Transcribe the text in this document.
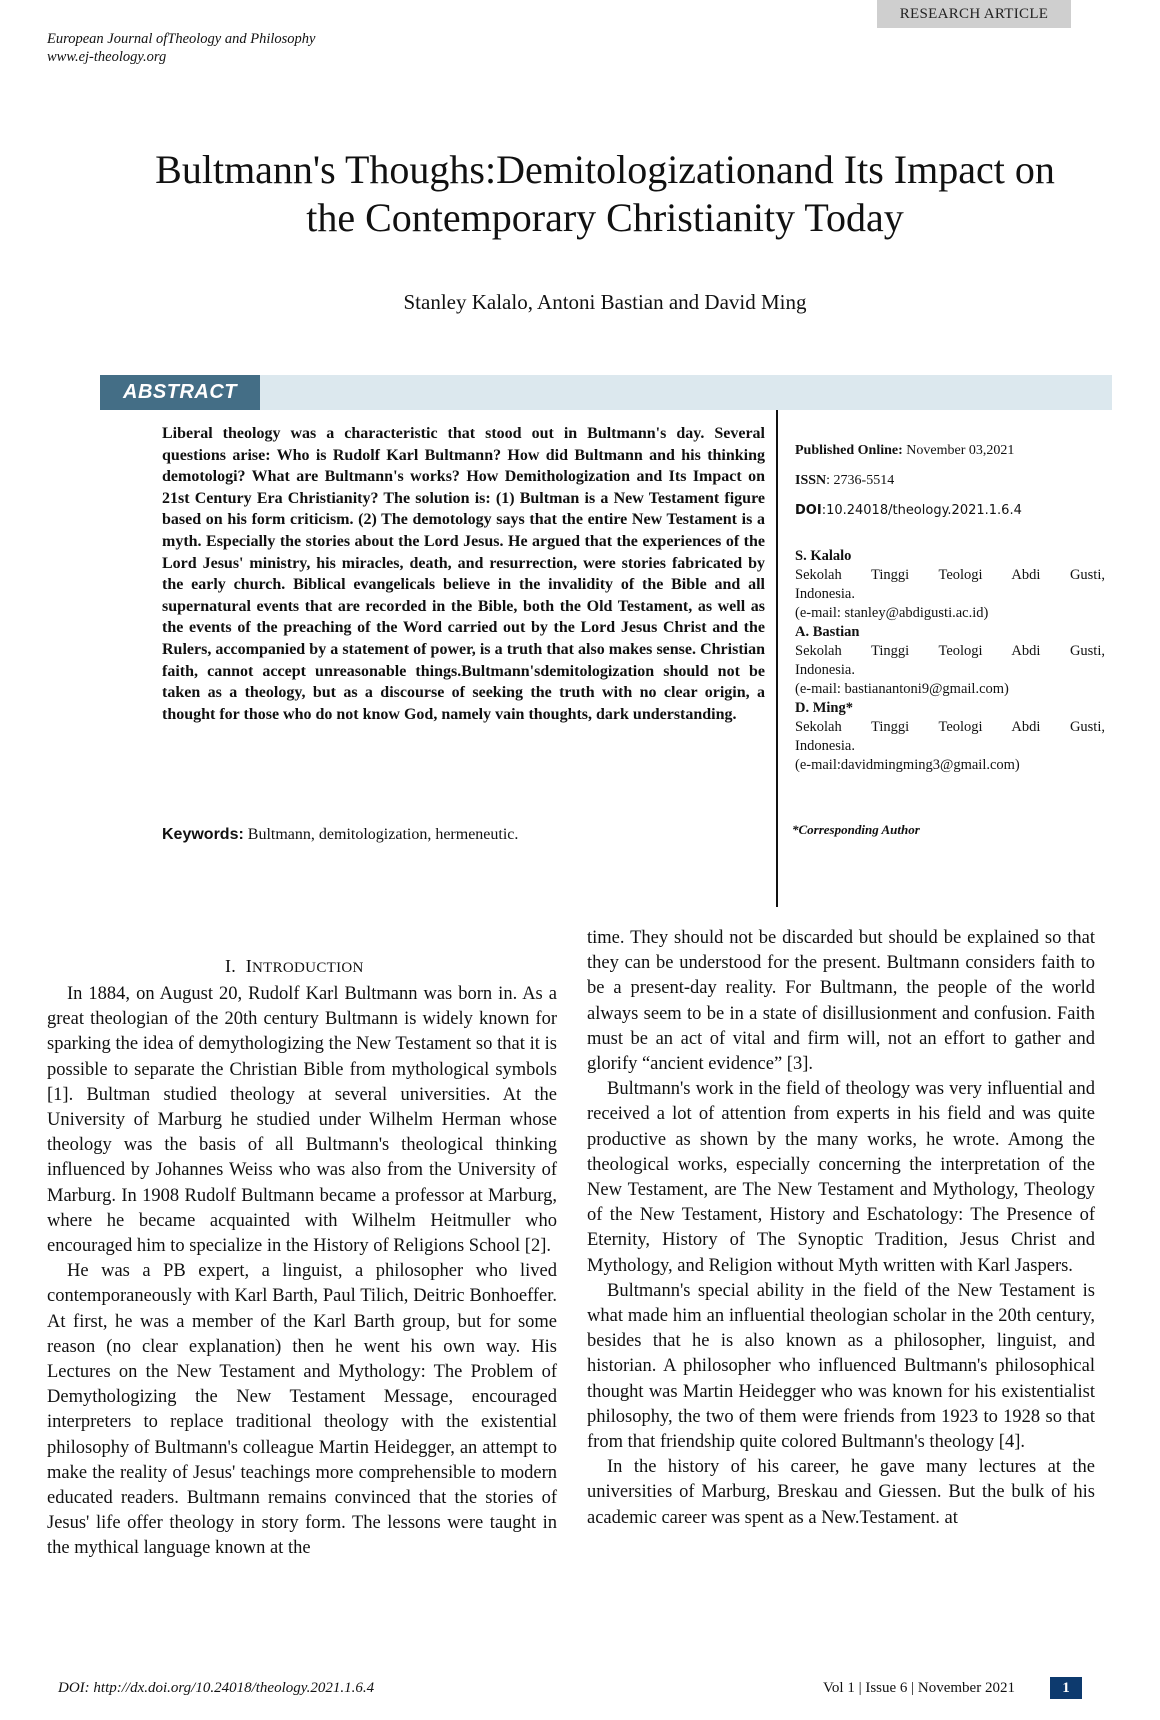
RESEARCH ARTICLE
European Journal ofTheology and Philosophy
www.ej-theology.org
Bultmann's Thoughs:Demitologizationand Its Impact on
the Contemporary Christianity Today
Stanley Kalalo, Antoni Bastian and David Ming
ABSTRACT
Liberal theology was a characteristic that stood out in Bultmann's day. Several questions arise: Who is Rudolf Karl Bultmann? How did Bultmann and his thinking demotologi? What are Bultmann's works? How Demithologization and Its Impact on 21st Century Era Christianity? The solution is: (1) Bultman is a New Testament figure based on his form criticism. (2) The demotology says that the entire New Testament is a myth. Especially the stories about the Lord Jesus. He argued that the experiences of the Lord Jesus' ministry, his miracles, death, and resurrection, were stories fabricated by the early church. Biblical evangelicals believe in the invalidity of the Bible and all supernatural events that are recorded in the Bible, both the Old Testament, as well as the events of the preaching of the Word carried out by the Lord Jesus Christ and the Rulers, accompanied by a statement of power, is a truth that also makes sense. Christian faith, cannot accept unreasonable things.Bultmann'sdemitologization should not be taken as a theology, but as a discourse of seeking the truth with no clear origin, a thought for those who do not know God, namely vain thoughts, dark understanding.
Keywords: Bultmann, demitologization, hermeneutic.
Published Online: November 03,2021
ISSN: 2736-5514
DOI:10.24018/theology.2021.1.6.4
S. Kalalo
Sekolah Tinggi Teologi Abdi Gusti,
Indonesia.
(e-mail: stanley@abdigusti.ac.id)
A. Bastian
Sekolah Tinggi Teologi Abdi Gusti,
Indonesia.
(e-mail: bastianantoni9@gmail.com)
D. Ming*
Sekolah Tinggi Teologi Abdi Gusti,
Indonesia.
(e-mail:davidmingming3@gmail.com)
*Corresponding Author
I. INTRODUCTION

In 1884, on August 20, Rudolf Karl Bultmann was born in. As a great theologian of the 20th century Bultmann is widely known for sparking the idea of demythologizing the New Testament so that it is possible to separate the Christian Bible from mythological symbols [1]. Bultman studied theology at several universities. At the University of Marburg he studied under Wilhelm Herman whose theology was the basis of all Bultmann's theological thinking influenced by Johannes Weiss who was also from the University of Marburg. In 1908 Rudolf Bultmann became a professor at Marburg, where he became acquainted with Wilhelm Heitmuller who encouraged him to specialize in the History of Religions School [2].

He was a PB expert, a linguist, a philosopher who lived contemporaneously with Karl Barth, Paul Tilich, Deitric Bonhoeffer. At first, he was a member of the Karl Barth group, but for some reason (no clear explanation) then he went his own way. His Lectures on the New Testament and Mythology: The Problem of Demythologizing the New Testament Message, encouraged interpreters to replace traditional theology with the existential philosophy of Bultmann's colleague Martin Heidegger, an attempt to make the reality of Jesus' teachings more comprehensible to modern educated readers. Bultmann remains convinced that the stories of Jesus' life offer theology in story form. The lessons were taught in the mythical language known at the

time. They should not be discarded but should be explained so that they can be understood for the present. Bultmann considers faith to be a present-day reality. For Bultmann, the people of the world always seem to be in a state of disillusionment and confusion. Faith must be an act of vital and firm will, not an effort to gather and glorify “ancient evidence” [3].

Bultmann's work in the field of theology was very influential and received a lot of attention from experts in his field and was quite productive as shown by the many works, he wrote. Among the theological works, especially concerning the interpretation of the New Testament, are The New Testament and Mythology, Theology of the New Testament, History and Eschatology: The Presence of Eternity, History of The Synoptic Tradition, Jesus Christ and Mythology, and Religion without Myth written with Karl Jaspers.

Bultmann's special ability in the field of the New Testament is what made him an influential theologian scholar in the 20th century, besides that he is also known as a philosopher, linguist, and historian. A philosopher who influenced Bultmann's philosophical thought was Martin Heidegger who was known for his existentialist philosophy, the two of them were friends from 1923 to 1928 so that from that friendship quite colored Bultmann's theology [4].

In the history of his career, he gave many lectures at the universities of Marburg, Breskau and Giessen. But the bulk of his academic career was spent as a New.Testament. at

DOI: http://dx.doi.org/10.24018/theology.2021.1.6.4	Vol 1 | Issue 6 | November 2021	1
